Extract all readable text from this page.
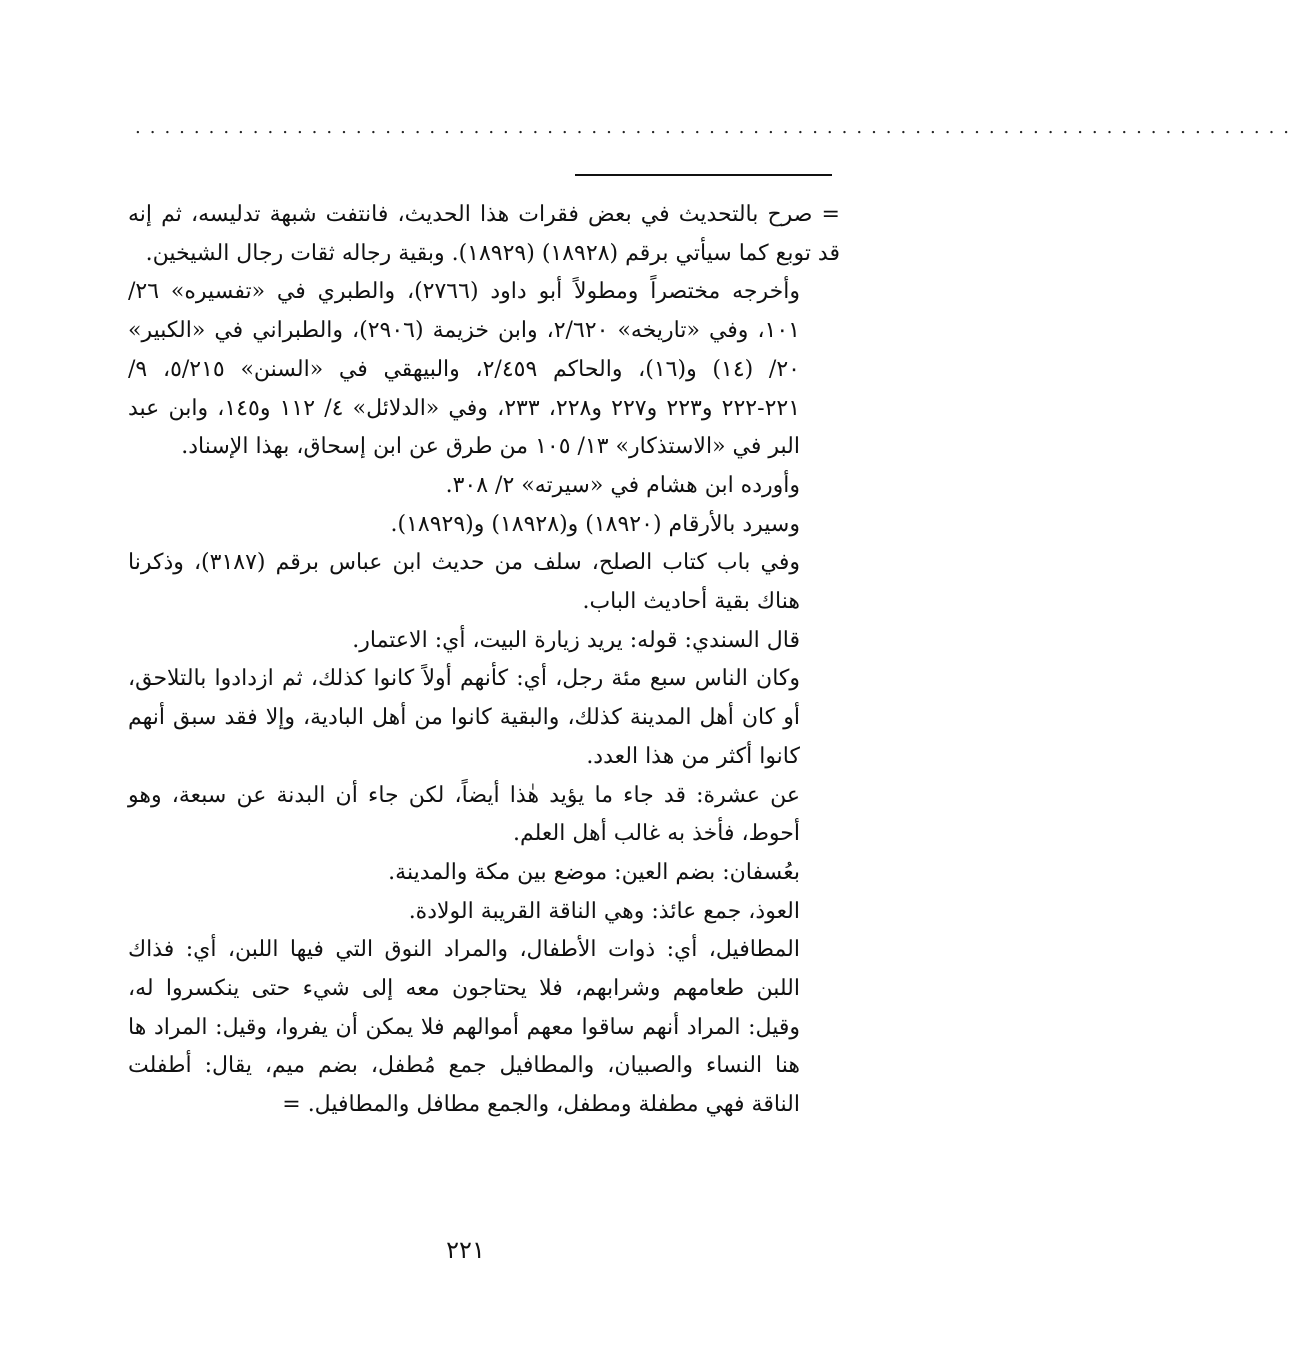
...............................................................................

= صرح بالتحديث في بعض فقرات هذا الحديث، فانتفت شبهة تدليسه، ثم إنه قد توبع كما سيأتي برقم (١٨٩٢٨) (١٨٩٢٩). وبقية رجاله ثقات رجال الشيخين.

وأخرجه مختصراً ومطولاً أبو داود (٢٧٦٦)، والطبري في «تفسيره» ٢٦/ ١٠١، وفي «تاريخه» ٢/٦٢٠، وابن خزيمة (٢٩٠٦)، والطبراني في «الكبير» ٢٠/ (١٤) و(١٦)، والحاكم ٢/٤٥٩، والبيهقي في «السنن» ٥/٢١٥، ٩/ ٢٢١-٢٢٢ و٢٢٣ و٢٢٧ و٢٢٨، ٢٣٣، وفي «الدلائل» ٤/ ١١٢ و١٤٥، وابن عبد البر في «الاستذكار» ١٣/ ١٠٥ من طرق عن ابن إسحاق، بهذا الإسناد.

وأورده ابن هشام في «سيرته» ٢/ ٣٠٨.

وسيرد بالأرقام (١٨٩٢٠) و(١٨٩٢٨) و(١٨٩٢٩).

وفي باب كتاب الصلح، سلف من حديث ابن عباس برقم (٣١٨٧)، وذكرنا هناك بقية أحاديث الباب.

قال السندي: قوله: يريد زيارة البيت، أي: الاعتمار.

وكان الناس سبع مئة رجل، أي: كأنهم أولاً كانوا كذلك، ثم ازدادوا بالتلاحق، أو كان أهل المدينة كذلك، والبقية كانوا من أهل البادية، وإلا فقد سبق أنهم كانوا أكثر من هذا العدد.

عن عشرة: قد جاء ما يؤيد هٰذا أيضاً، لكن جاء أن البدنة عن سبعة، وهو أحوط، فأخذ به غالب أهل العلم.

بعُسفان: بضم العين: موضع بين مكة والمدينة.

العوذ، جمع عائذ: وهي الناقة القريبة الولادة.

المطافيل، أي: ذوات الأطفال، والمراد النوق التي فيها اللبن، أي: فذاك اللبن طعامهم وشرابهم، فلا يحتاجون معه إلى شيء حتى ينكسروا له، وقيل: المراد أنهم ساقوا معهم أموالهم فلا يمكن أن يفروا، وقيل: المراد ها هنا النساء والصبيان، والمطافيل جمع مُطفل، بضم ميم، يقال: أطفلت الناقة فهي مطفلة ومطفل، والجمع مطافل والمطافيل. =

٢٢١
